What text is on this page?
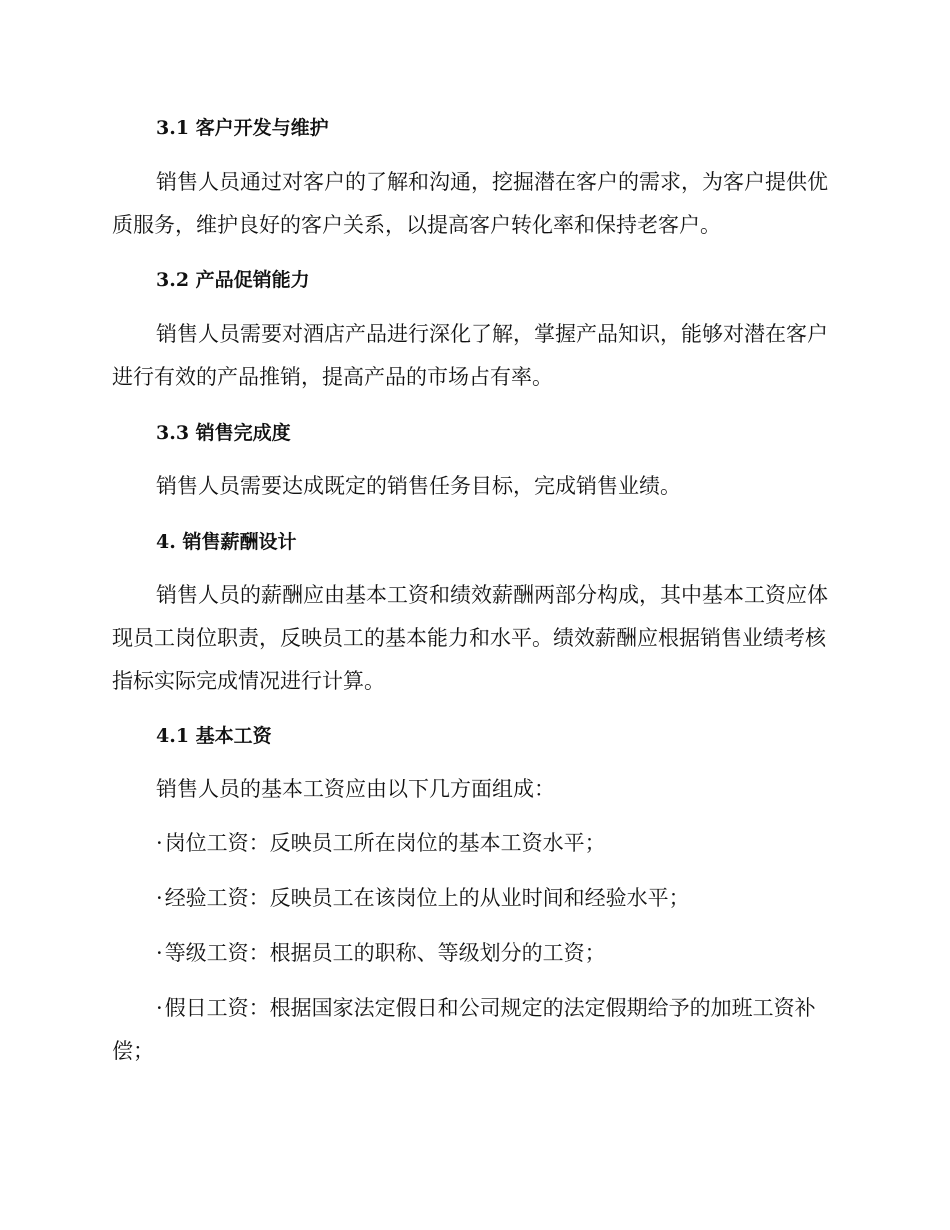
3.1 客户开发与维护
销售人员通过对客户的了解和沟通，挖掘潜在客户的需求，为客户提供优质服务，维护良好的客户关系，以提高客户转化率和保持老客户。
3.2 产品促销能力
销售人员需要对酒店产品进行深化了解，掌握产品知识，能够对潜在客户进行有效的产品推销，提高产品的市场占有率。
3.3 销售完成度
销售人员需要达成既定的销售任务目标，完成销售业绩。
4. 销售薪酬设计
销售人员的薪酬应由基本工资和绩效薪酬两部分构成，其中基本工资应体现员工岗位职责，反映员工的基本能力和水平。绩效薪酬应根据销售业绩考核指标实际完成情况进行计算。
4.1 基本工资
销售人员的基本工资应由以下几方面组成：
·岗位工资：反映员工所在岗位的基本工资水平；
·经验工资：反映员工在该岗位上的从业时间和经验水平；
·等级工资：根据员工的职称、等级划分的工资；
·假日工资：根据国家法定假日和公司规定的法定假期给予的加班工资补偿；
